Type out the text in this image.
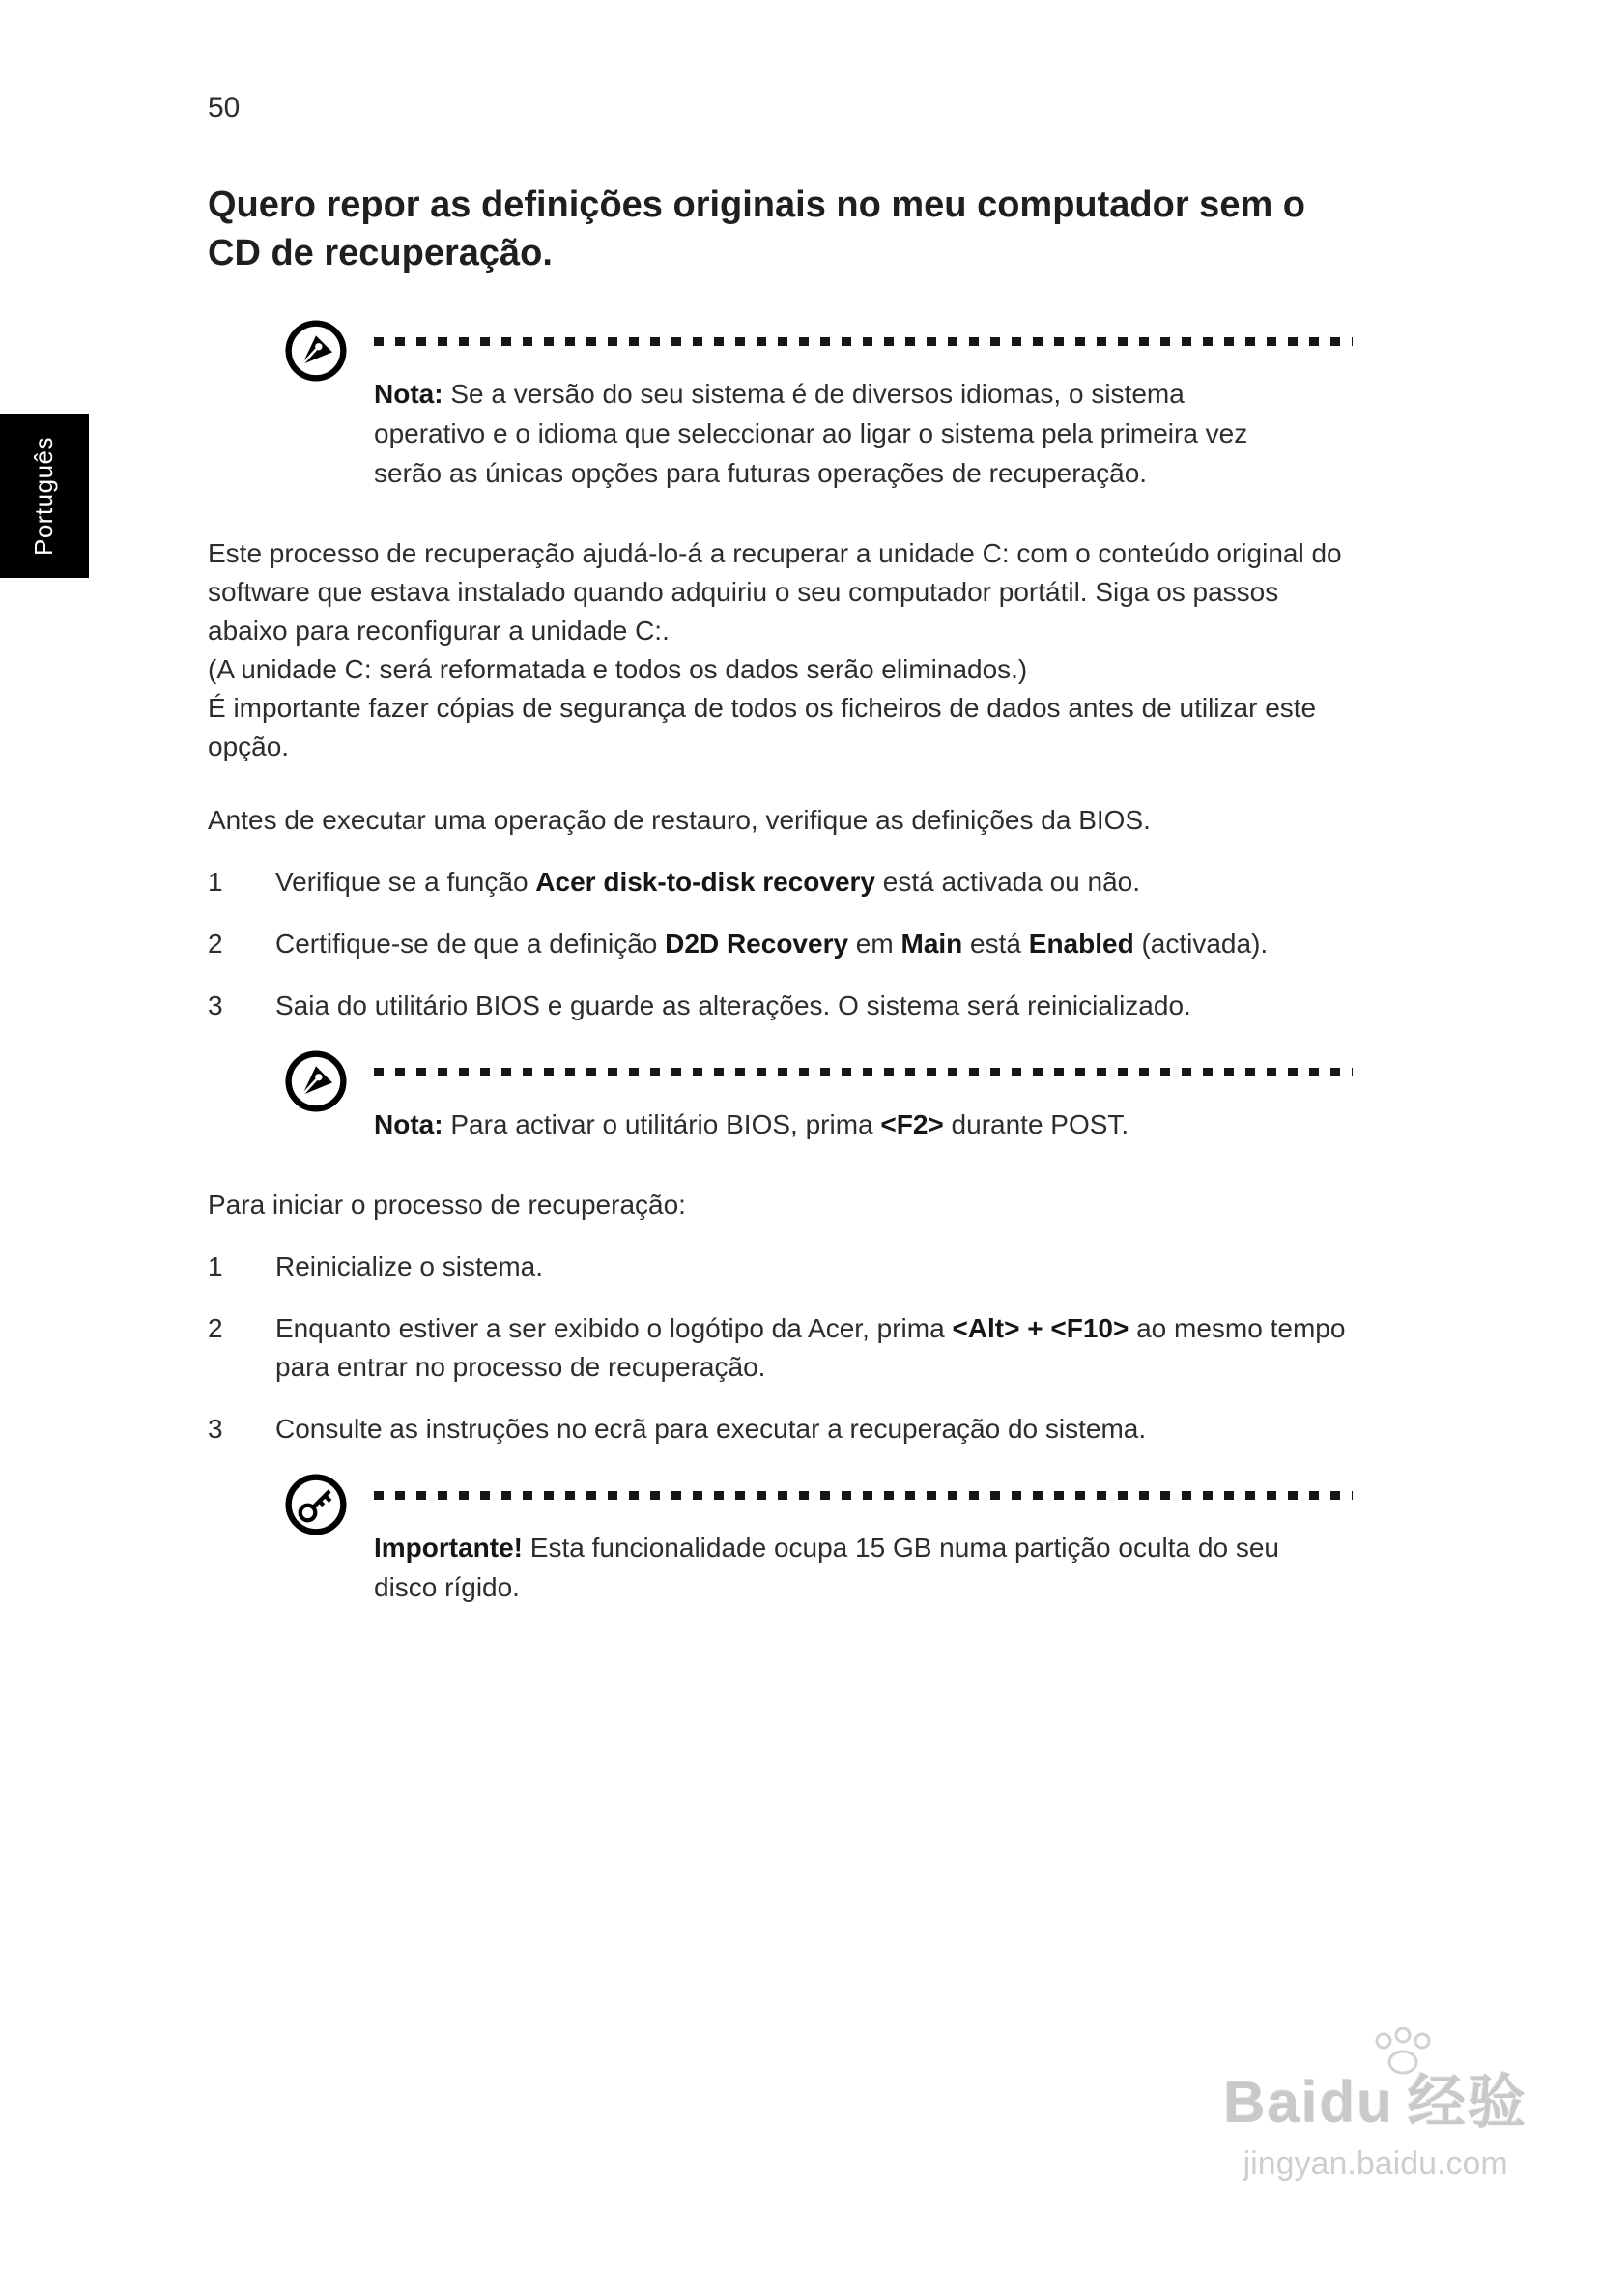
Português
50
Quero repor as definições originais no meu computador sem o CD de recuperação.

Nota: Se a versão do seu sistema é de diversos idiomas, o sistema operativo e o idioma que seleccionar ao ligar o sistema pela primeira vez serão as únicas opções para futuras operações de recuperação.

Este processo de recuperação ajudá-lo-á a recuperar a unidade C: com o conteúdo original do software que estava instalado quando adquiriu o seu computador portátil. Siga os passos abaixo para reconfigurar a unidade C:.
(A unidade C: será reformatada e todos os dados serão eliminados.)
É importante fazer cópias de segurança de todos os ficheiros de dados antes de utilizar este opção.

Antes de executar uma operação de restauro, verifique as definições da BIOS.

1	Verifique se a função Acer disk-to-disk recovery está activada ou não.
2	Certifique-se de que a definição D2D Recovery em Main está Enabled (activada).
3	Saia do utilitário BIOS e guarde as alterações. O sistema será reinicializado.

Nota: Para activar o utilitário BIOS, prima <F2> durante POST.

Para iniciar o processo de recuperação:

1	Reinicialize o sistema.
2	Enquanto estiver a ser exibido o logótipo da Acer, prima <Alt> + <F10> ao mesmo tempo para entrar no processo de recuperação.
3	Consulte as instruções no ecrã para executar a recuperação do sistema.

Importante! Esta funcionalidade ocupa 15 GB numa partição oculta do seu disco rígido.

Baidu 经验
jingyan.baidu.com
